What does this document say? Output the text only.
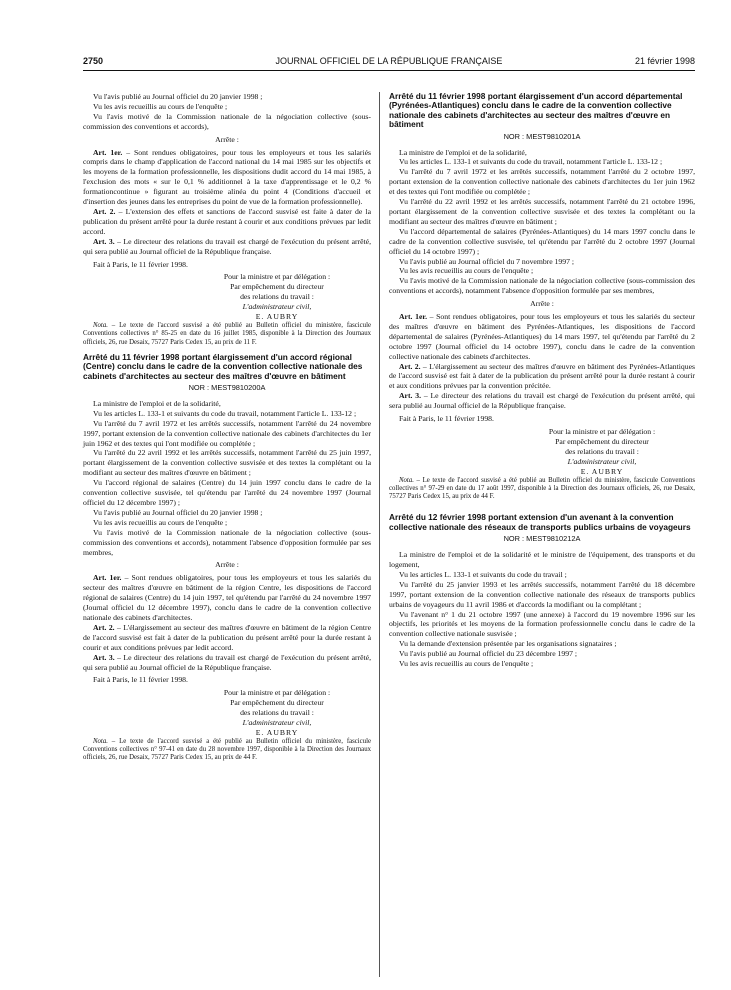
2750	JOURNAL OFFICIEL DE LA RÉPUBLIQUE FRANÇAISE	21 février 1998

Vu l'avis publié au Journal officiel du 20 janvier 1998 ;

Vu les avis recueillis au cours de l'enquête ;

Vu l'avis motivé de la Commission nationale de la négociation collective (sous-commission des conventions et accords),

Arrête :

Art. 1er. – Sont rendues obligatoires, pour tous les employeurs et tous les salariés compris dans le champ d'application de l'accord national du 14 mai 1985 sur les objectifs et les moyens de la formation professionnelle, les dispositions dudit accord du 14 mai 1985, à l'exclusion des mots « sur le 0,1 % additionnel à la taxe d'apprentissage et le 0,2 % formationcontinue » figurant au troisième alinéa du point 4 (Conditions d'accueil et d'insertion des jeunes dans les entreprises du point de vue de la formation professionnelle).

Art. 2. – L'extension des effets et sanctions de l'accord susvisé est faite à dater de la publication du présent arrêté pour la durée restant à courir et aux conditions prévues par ledit accord.

Art. 3. – Le directeur des relations du travail est chargé de l'exécution du présent arrêté, qui sera publié au Journal officiel de la République française.

Fait à Paris, le 11 février 1998.

Pour la ministre et par délégation :
Par empêchement du directeur
des relations du travail :
L'administrateur civil,
E. AUBRY

Nota. – Le texte de l'accord susvisé a été publié au Bulletin officiel du ministère, fascicule Conventions collectives n° 85-25 en date du 16 juillet 1985, disponible à la Direction des Journaux officiels, 26, rue Desaix, 75727 Paris Cedex 15, au prix de 11 F.

Arrêté du 11 février 1998 portant élargissement d'un accord régional (Centre) conclu dans le cadre de la convention collective nationale des cabinets d'architectes au secteur des maîtres d'œuvre en bâtiment
NOR : MEST9810200A

La ministre de l'emploi et de la solidarité,

Vu les articles L. 133-1 et suivants du code du travail, notamment l'article L. 133-12 ;

Vu l'arrêté du 7 avril 1972 et les arrêtés successifs, notamment l'arrêté du 24 novembre 1997, portant extension de la convention collective nationale des cabinets d'architectes du 1er juin 1962 et des textes qui l'ont modifiée ou complétée ;

Vu l'arrêté du 22 avril 1992 et les arrêtés successifs, notamment l'arrêté du 25 juin 1997, portant élargissement de la convention collective susvisée et des textes la complétant ou la modifiant au secteur des maîtres d'œuvre en bâtiment ;

Vu l'accord régional de salaires (Centre) du 14 juin 1997 conclu dans le cadre de la convention collective susvisée, tel qu'étendu par l'arrêté du 24 novembre 1997 (Journal officiel du 12 décembre 1997) ;

Vu l'avis publié au Journal officiel du 20 janvier 1998 ;

Vu les avis recueillis au cours de l'enquête ;

Vu l'avis motivé de la Commission nationale de la négociation collective (sous-commission des conventions et accords), notamment l'absence d'opposition formulée par ses membres,

Arrête :

Art. 1er. – Sont rendues obligatoires, pour tous les employeurs et tous les salariés du secteur des maîtres d'œuvre en bâtiment de la région Centre, les dispositions de l'accord régional de salaires (Centre) du 14 juin 1997, tel qu'étendu par l'arrêté du 24 novembre 1997 (Journal officiel du 12 décembre 1997), conclu dans le cadre de la convention collective nationale des cabinets d'architectes.

Art. 2. – L'élargissement au secteur des maîtres d'œuvre en bâtiment de la région Centre de l'accord susvisé est fait à dater de la publication du présent arrêté pour la durée restant à courir et aux conditions prévues par ledit accord.

Art. 3. – Le directeur des relations du travail est chargé de l'exécution du présent arrêté, qui sera publié au Journal officiel de la République française.

Fait à Paris, le 11 février 1998.

Pour la ministre et par délégation :
Par empêchement du directeur
des relations du travail :
L'administrateur civil,
E. AUBRY

Nota. – Le texte de l'accord susvisé a été publié au Bulletin officiel du ministère, fascicule Conventions collectives n° 97-41 en date du 28 novembre 1997, disponible à la Direction des Journaux officiels, 26, rue Desaix, 75727 Paris Cedex 15, au prix de 44 F.

Arrêté du 11 février 1998 portant élargissement d'un accord départemental (Pyrénées-Atlantiques) conclu dans le cadre de la convention collective nationale des cabinets d'architectes au secteur des maîtres d'œuvre en bâtiment
NOR : MEST9810201A

La ministre de l'emploi et de la solidarité,

Vu les articles L. 133-1 et suivants du code du travail, notamment l'article L. 133-12 ;

Vu l'arrêté du 7 avril 1972 et les arrêtés successifs, notamment l'arrêté du 2 octobre 1997, portant extension de la convention collective nationale des cabinets d'architectes du 1er juin 1962 et des textes qui l'ont modifiée ou complétée ;

Vu l'arrêté du 22 avril 1992 et les arrêtés successifs, notamment l'arrêté du 21 octobre 1996, portant élargissement de la convention collective susvisée et des textes la complétant ou la modifiant au secteur des maîtres d'œuvre en bâtiment ;

Vu l'accord départemental de salaires (Pyrénées-Atlantiques) du 14 mars 1997 conclu dans le cadre de la convention collective susvisée, tel qu'étendu par l'arrêté du 2 octobre 1997 (Journal officiel du 14 octobre 1997) ;

Vu l'avis publié au Journal officiel du 7 novembre 1997 ;

Vu les avis recueillis au cours de l'enquête ;

Vu l'avis motivé de la Commission nationale de la négociation collective (sous-commission des conventions et accords), notamment l'absence d'opposition formulée par ses membres,

Arrête :

Art. 1er. – Sont rendues obligatoires, pour tous les employeurs et tous les salariés du secteur des maîtres d'œuvre en bâtiment des Pyrénées-Atlantiques, les dispositions de l'accord départemental de salaires (Pyrénées-Atlantiques) du 14 mars 1997, tel qu'étendu par l'arrêté du 2 octobre 1997 (Journal officiel du 14 octobre 1997), conclu dans le cadre de la convention collective nationale des cabinets d'architectes.

Art. 2. – L'élargissement au secteur des maîtres d'œuvre en bâtiment des Pyrénées-Atlantiques de l'accord susvisé est fait à dater de la publication du présent arrêté pour la durée restant à courir et aux conditions prévues par la convention précitée.

Art. 3. – Le directeur des relations du travail est chargé de l'exécution du présent arrêté, qui sera publié au Journal officiel de la République française.

Fait à Paris, le 11 février 1998.

Pour la ministre et par délégation :
Par empêchement du directeur
des relations du travail :
L'administrateur civil,
E. AUBRY

Nota. – Le texte de l'accord susvisé a été publié au Bulletin officiel du ministère, fascicule Conventions collectives n° 97-29 en date du 17 août 1997, disponible à la Direction des Journaux officiels, 26, rue Desaix, 75727 Paris Cedex 15, au prix de 44 F.

Arrêté du 12 février 1998 portant extension d'un avenant à la convention collective nationale des réseaux de transports publics urbains de voyageurs
NOR : MEST9810212A

La ministre de l'emploi et de la solidarité et le ministre de l'équipement, des transports et du logement,

Vu les articles L. 133-1 et suivants du code du travail ;

Vu l'arrêté du 25 janvier 1993 et les arrêtés successifs, notamment l'arrêté du 18 décembre 1997, portant extension de la convention collective nationale des réseaux de transports publics urbains de voyageurs du 11 avril 1986 et d'accords la modifiant ou la complétant ;

Vu l'avenant n° 1 du 21 octobre 1997 (une annexe) à l'accord du 19 novembre 1996 sur les objectifs, les priorités et les moyens de la formation professionnelle conclu dans le cadre de la convention collective nationale susvisée ;

Vu la demande d'extension présentée par les organisations signataires ;

Vu l'avis publié au Journal officiel du 23 décembre 1997 ;

Vu les avis recueillis au cours de l'enquête ;
